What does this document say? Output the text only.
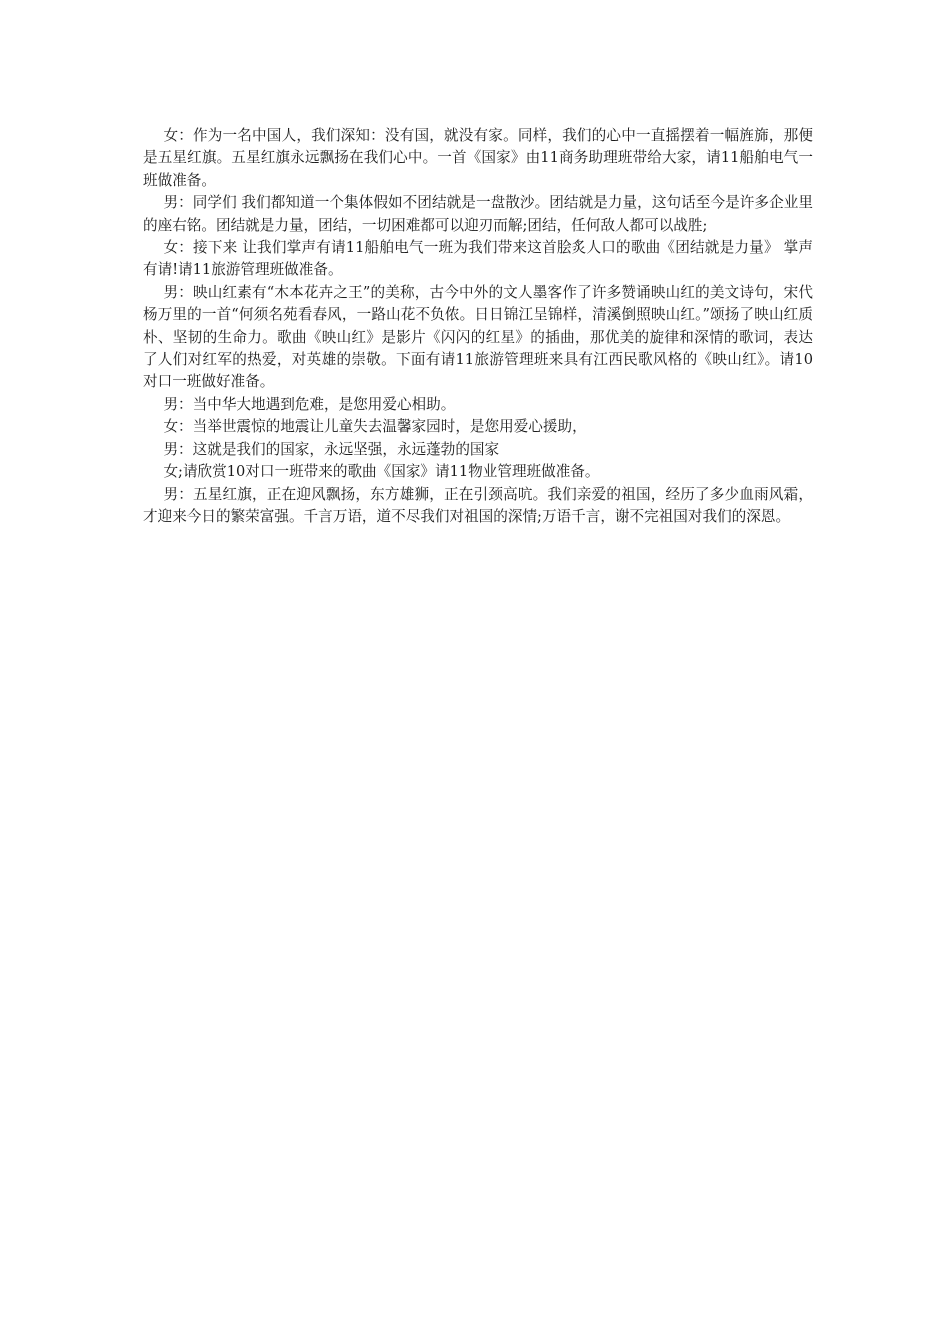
女：作为一名中国人，我们深知：没有国，就没有家。同样，我们的心中一直摇摆着一幅旌旆，那便是五星红旗。五星红旗永远飘扬在我们心中。一首《国家》由11商务助理班带给大家，请11船舶电气一班做准备。

男：同学们 我们都知道一个集体假如不团结就是一盘散沙。团结就是力量，这句话至今是许多企业里的座右铭。团结就是力量，团结，一切困难都可以迎刃而解;团结，任何敌人都可以战胜;

女：接下来 让我们掌声有请11船舶电气一班为我们带来这首脍炙人口的歌曲《团结就是力量》 掌声 有请!请11旅游管理班做准备。

男：映山红素有“木本花卉之王”的美称，古今中外的文人墨客作了许多赞诵映山红的美文诗句，宋代杨万里的一首“何须名苑看春风，一路山花不负侬。日日锦江呈锦样，清溪倒照映山红。”颂扬了映山红质朴、坚韧的生命力。歌曲《映山红》是影片《闪闪的红星》的插曲，那优美的旋律和深情的歌词，表达了人们对红军的热爱，对英雄的崇敬。下面有请11旅游管理班来具有江西民歌风格的《映山红》。请10对口一班做好准备。

男：当中华大地遇到危难，是您用爱心相助。

女：当举世震惊的地震让儿童失去温馨家园时，是您用爱心援助，

男：这就是我们的国家，永远坚强，永远蓬勃的国家

女;请欣赏10对口一班带来的歌曲《国家》请11物业管理班做准备。

男：五星红旗，正在迎风飘扬，东方雄狮，正在引颈高吭。我们亲爱的祖国，经历了多少血雨风霜，才迎来今日的繁荣富强。千言万语，道不尽我们对祖国的深情;万语千言，谢不完祖国对我们的深恩。
